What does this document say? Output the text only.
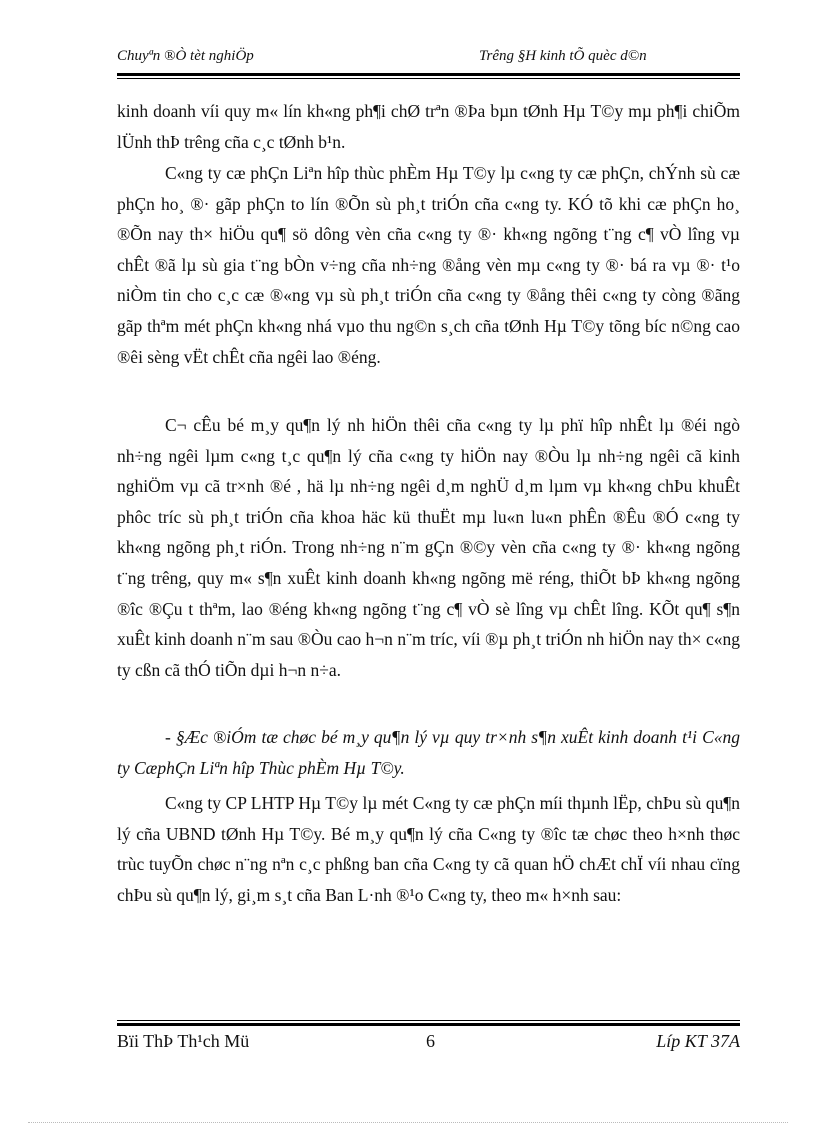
Chuyªn ®Ò tèt nghiÖp	Trêng §H kinh tÕ quèc d©n

kinh doanh víi quy m« lín kh«ng ph¶i chØ trªn ®Þa bµn tØnh Hµ T©y mµ ph¶i chiÕm lÜnh thÞ trêng cña c¸c tØnh b¹n.

C«ng ty cæ phÇn Liªn hîp thùc phÈm Hµ T©y lµ c«ng ty cæ phÇn, chÝnh sù cæ phÇn ho¸ ®· gãp phÇn to lín ®Õn sù ph¸t triÓn cña c«ng ty. KÓ tõ khi cæ phÇn ho¸ ®Õn nay th× hiÖu qu¶ sö dông vèn cña c«ng ty ®· kh«ng ngõng t¨ng c¶ vÒ lîng vµ chÊt ®ã lµ sù gia t¨ng bÒn v÷ng cña nh÷ng ®ång vèn mµ c«ng ty ®· bá ra vµ ®· t¹o niÒm tin cho c¸c cæ ®«ng vµ sù ph¸t triÓn cña c«ng ty ®ång thêi c«ng ty còng ®ãng gãp thªm mét phÇn kh«ng nhá vµo thu ng©n s¸ch cña tØnh Hµ T©y tõng bíc n©ng cao ®êi sèng vËt chÊt cña ngêi lao ®éng.

C¬ cÊu bé m¸y qu¶n lý nh hiÖn thêi cña c«ng ty lµ phï hîp nhÊt lµ ®éi ngò nh÷ng ngêi lµm c«ng t¸c qu¶n lý cña c«ng ty hiÖn nay ®Òu lµ nh÷ng ngêi cã kinh nghiÖm vµ cã tr×nh ®é , hä lµ nh÷ng ngêi d¸m nghÜ d¸m lµm vµ kh«ng chÞu khuÊt phôc tríc sù ph¸t triÓn cña khoa häc kü thuËt mµ lu«n lu«n phÊn ®Êu ®Ó c«ng ty kh«ng ngõng ph¸t riÓn. Trong nh÷ng n¨m gÇn ®©y vèn cña c«ng ty ®· kh«ng ngõng t¨ng trêng, quy m« s¶n xuÊt kinh doanh kh«ng ngõng më réng, thiÕt bÞ kh«ng ngõng ®îc ®Çu t thªm, lao ®éng kh«ng ngõng t¨ng c¶ vÒ sè lîng vµ chÊt lîng. KÕt qu¶ s¶n xuÊt kinh doanh n¨m sau ®Òu cao h¬n n¨m tríc, víi ®µ ph¸t triÓn nh hiÖn nay th× c«ng ty cßn cã thÓ tiÕn dµi h¬n n÷a.

- §Æc ®iÓm tæ chøc bé m¸y qu¶n lý vµ quy tr×nh s¶n xuÊt kinh doanh t¹i C«ng ty CæphÇn Liªn hîp Thùc phÈm Hµ T©y.

C«ng ty CP LHTP Hµ T©y lµ mét C«ng ty cæ phÇn míi thµnh lËp, chÞu sù qu¶n lý cña UBND tØnh Hµ T©y. Bé m¸y qu¶n lý cña C«ng ty ®îc tæ chøc theo h×nh thøc trùc tuyÕn chøc n¨ng nªn c¸c phßng ban cña C«ng ty cã quan hÖ chÆt chÏ víi nhau cïng chÞu sù qu¶n lý, gi¸m s¸t cña Ban L·nh ®¹o C«ng ty, theo m« h×nh sau:

Bïi ThÞ Th¹ch Mü	6	Líp KT 37A
